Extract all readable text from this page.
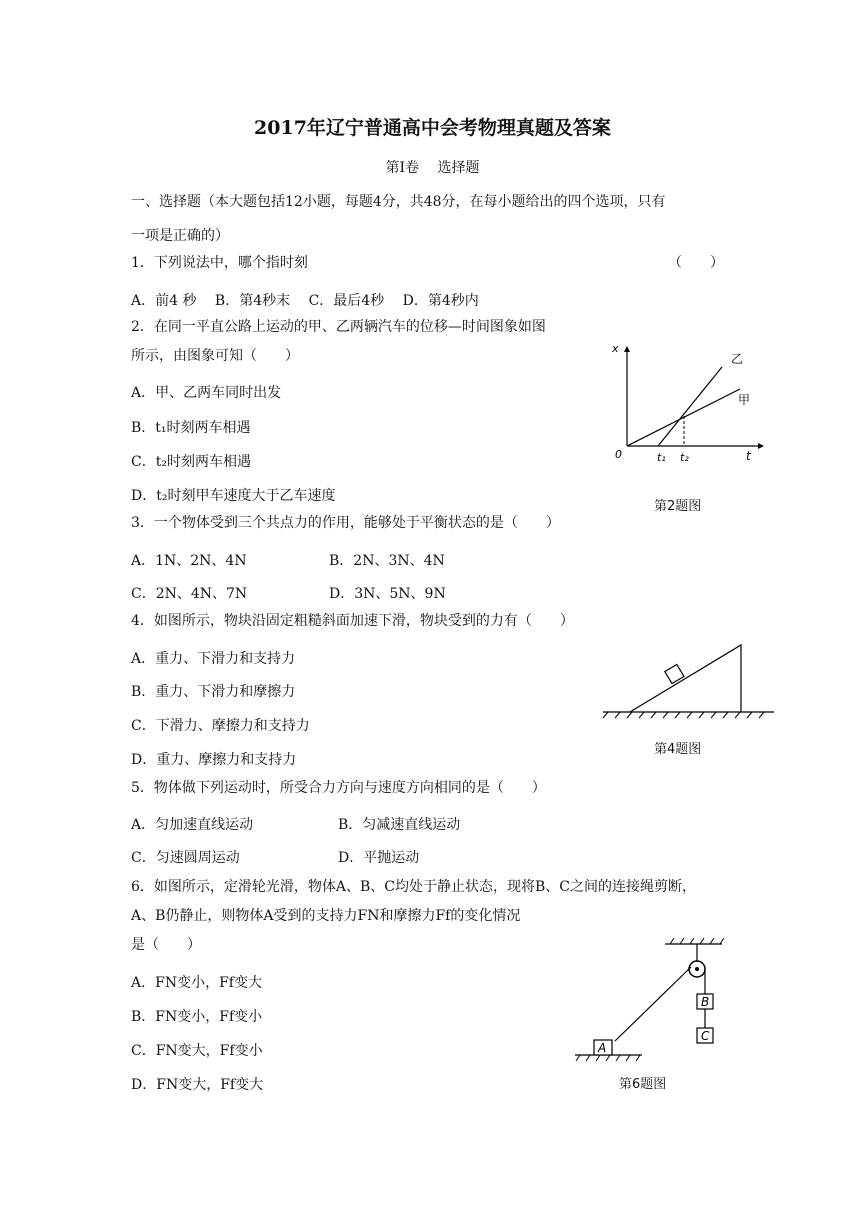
2017年辽宁普通高中会考物理真题及答案
第Ⅰ卷　 选择题
一、选择题（本大题包括12小题，每题4分，共48分，在每小题给出的四个选项，只有
一项是正确的）
1．下列说法中，哪个指时刻	（　　）
A．前4 秒　 B．第4秒末　 C．最后4秒　 D．第4秒内
2．在同一平直公路上运动的甲、乙两辆汽车的位移—时间图象如图
所示，由图象可知（　　）
A．甲、乙两车同时出发
B．t₁时刻两车相遇
C．t₂时刻两车相遇
D．t₂时刻甲车速度大于乙车速度
x
t
0	t₁ t₂
乙
甲
第2题图
3．一个物体受到三个共点力的作用，能够处于平衡状态的是（　　）
A．1N、2N、4N	B．2N、3N、4N
C．2N、4N、7N	D．3N、5N、9N
4．如图所示，物块沿固定粗糙斜面加速下滑，物块受到的力有（　　）
A．重力、下滑力和支持力
B．重力、下滑力和摩擦力
C．下滑力、摩擦力和支持力
D．重力、摩擦力和支持力
第4题图
5．物体做下列运动时，所受合力方向与速度方向相同的是（　　）
A．匀加速直线运动	B．匀减速直线运动
C．匀速圆周运动	D．平抛运动
6．如图所示，定滑轮光滑，物体A、B、C均处于静止状态，现将B、C之间的连接绳剪断，
A、B仍静止，则物体A受到的支持力FN和摩擦力Ff的变化情况
是（　　）
A．FN变小，Ff变大
B．FN变小，Ff变小
C．FN变大，Ff变小
D．FN变大，Ff变大
A
B
C
第6题图
